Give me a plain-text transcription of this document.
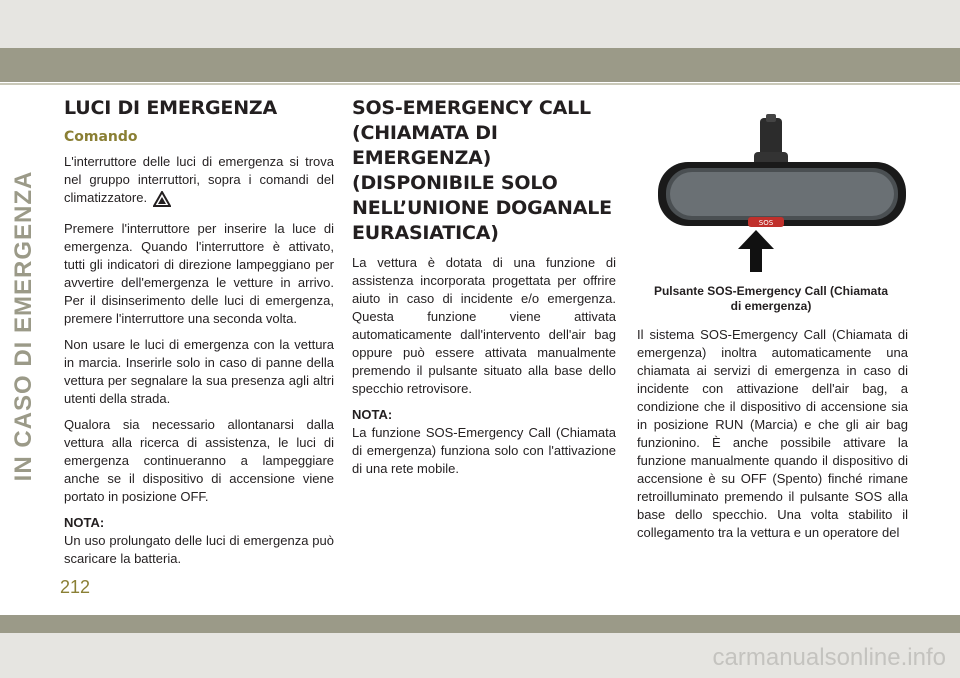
IN CASO DI EMERGENZA
LUCI DI EMERGENZA
Comando

L'interruttore delle luci di emergenza si trova nel gruppo interruttori, sopra i comandi del climatizzatore.

Premere l'interruttore per inserire la luce di emergenza. Quando l'interruttore è attivato, tutti gli indicatori di direzione lampeggiano per avvertire dell'emergenza le vetture in arrivo. Per il disinserimento delle luci di emergenza, premere l'interruttore una seconda volta.

Non usare le luci di emergenza con la vettura in marcia. Inserirle solo in caso di panne della vettura per segnalare la sua presenza agli altri utenti della strada.

Qualora sia necessario allontanarsi dalla vettura alla ricerca di assistenza, le luci di emergenza continueranno a lampeggiare anche se il dispositivo di accensione viene portato in posizione OFF.

NOTA:

Un uso prolungato delle luci di emergenza può scaricare la batteria.

SOS-EMERGENCY CALL
(CHIAMATA DI
EMERGENZA)
(DISPONIBILE SOLO
NELL’UNIONE DOGANALE
EURASIATICA)

La vettura è dotata di una funzione di assistenza incorporata progettata per offrire aiuto in caso di incidente e/o emergenza. Questa funzione viene attivata automaticamente dall'intervento dell'air bag oppure può essere attivata manualmente premendo il pulsante situato alla base dello specchio retrovisore.

NOTA:

La funzione SOS-Emergency Call (Chiamata di emergenza) funziona solo con l'attivazione di una rete mobile.

SOS
Pulsante SOS-Emergency Call (Chiamata
di emergenza)

Il sistema SOS-Emergency Call (Chiamata di emergenza) inoltra automaticamente una chiamata ai servizi di emergenza in caso di incidente con attivazione dell'air bag, a condizione che il dispositivo di accensione sia in posizione RUN (Marcia) e che gli air bag funzionino. È anche possibile attivare la funzione manualmente quando il dispositivo di accensione è su OFF (Spento) finché rimane retroilluminato premendo il pulsante SOS alla base dello specchio. Una volta stabilito il collegamento tra la vettura e un operatore del

212
carmanualsonline.info
